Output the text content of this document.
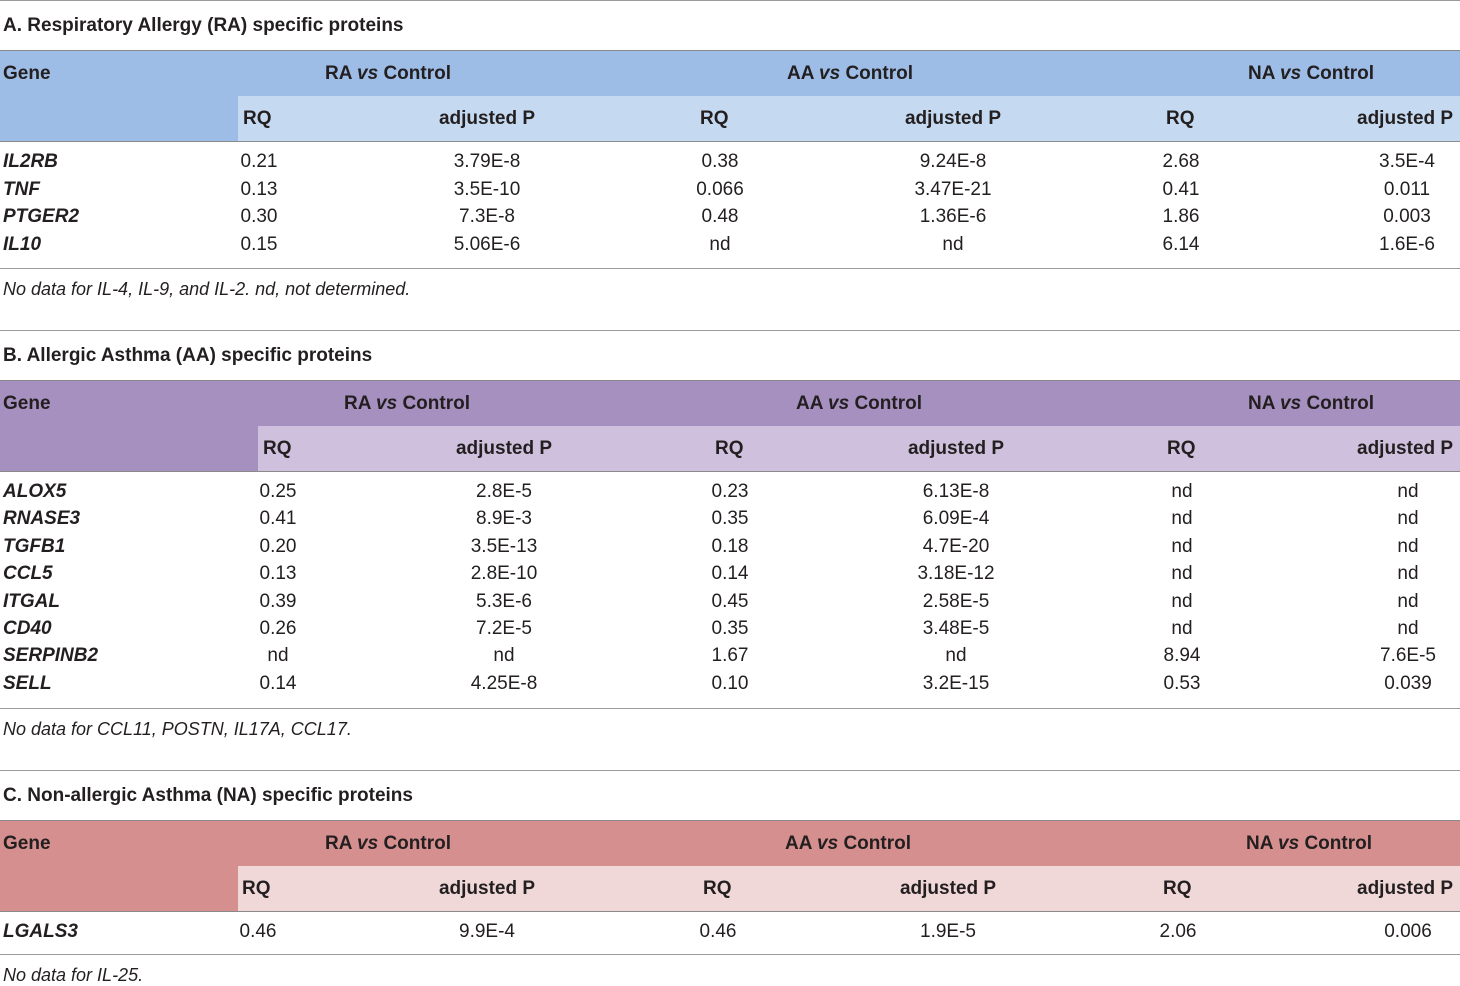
A. Respiratory Allergy (RA) specific proteins
Gene	RA vs Control	AA vs Control	NA vs Control
RQ	adjusted P	RQ	adjusted P	RQ	adjusted P
IL2RB	0.21	3.79E-8	0.38	9.24E-8	2.68	3.5E-4
TNF	0.13	3.5E-10	0.066	3.47E-21	0.41	0.011
PTGER2	0.30	7.3E-8	0.48	1.36E-6	1.86	0.003
IL10	0.15	5.06E-6	nd	nd	6.14	1.6E-6
No data for IL-4, IL-9, and IL-2. nd, not determined.
B. Allergic Asthma (AA) specific proteins
Gene	RA vs Control	AA vs Control	NA vs Control
RQ	adjusted P	RQ	adjusted P	RQ	adjusted P
ALOX5	0.25	2.8E-5	0.23	6.13E-8	nd	nd
RNASE3	0.41	8.9E-3	0.35	6.09E-4	nd	nd
TGFB1	0.20	3.5E-13	0.18	4.7E-20	nd	nd
CCL5	0.13	2.8E-10	0.14	3.18E-12	nd	nd
ITGAL	0.39	5.3E-6	0.45	2.58E-5	nd	nd
CD40	0.26	7.2E-5	0.35	3.48E-5	nd	nd
SERPINB2	nd	nd	1.67	nd	8.94	7.6E-5
SELL	0.14	4.25E-8	0.10	3.2E-15	0.53	0.039
No data for CCL11, POSTN, IL17A, CCL17.
C. Non-allergic Asthma (NA) specific proteins
Gene	RA vs Control	AA vs Control	NA vs Control
RQ	adjusted P	RQ	adjusted P	RQ	adjusted P
LGALS3	0.46	9.9E-4	0.46	1.9E-5	2.06	0.006
No data for IL-25.
